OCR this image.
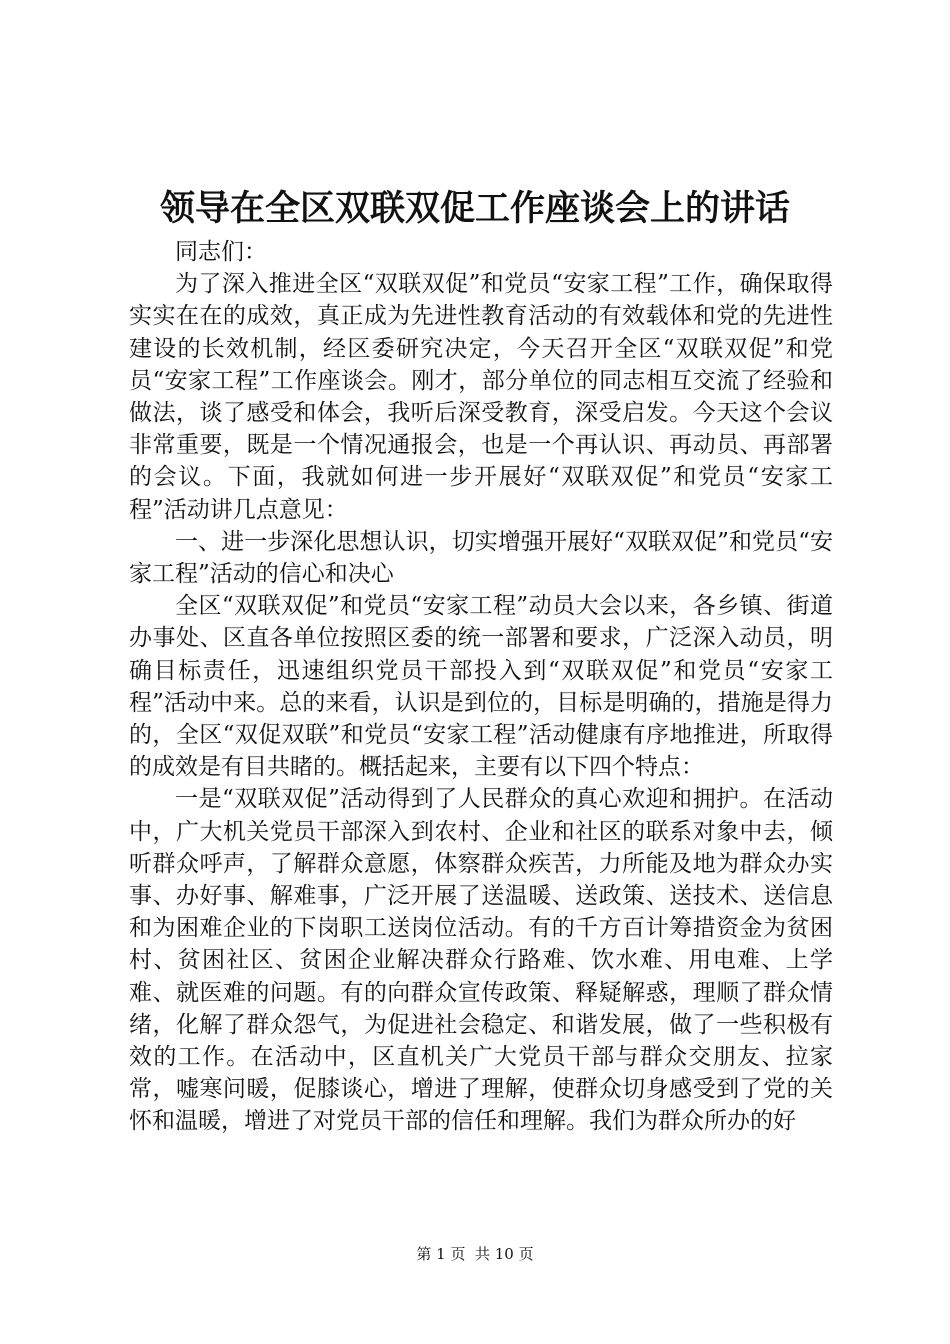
领导在全区双联双促工作座谈会上的讲话

同志们：

为了深入推进全区“双联双促”和党员“安家工程”工作，确保取得实实在在的成效，真正成为先进性教育活动的有效载体和党的先进性建设的长效机制，经区委研究决定，今天召开全区“双联双促”和党员“安家工程”工作座谈会。刚才，部分单位的同志相互交流了经验和做法，谈了感受和体会，我听后深受教育，深受启发。今天这个会议非常重要，既是一个情况通报会，也是一个再认识、再动员、再部署的会议。下面，我就如何进一步开展好“双联双促”和党员“安家工程”活动讲几点意见：

一、进一步深化思想认识，切实增强开展好“双联双促”和党员“安家工程”活动的信心和决心

全区“双联双促”和党员“安家工程”动员大会以来，各乡镇、街道办事处、区直各单位按照区委的统一部署和要求，广泛深入动员，明确目标责任，迅速组织党员干部投入到“双联双促”和党员“安家工程”活动中来。总的来看，认识是到位的，目标是明确的，措施是得力的，全区“双促双联”和党员“安家工程”活动健康有序地推进，所取得的成效是有目共睹的。概括起来，主要有以下四个特点：

一是“双联双促”活动得到了人民群众的真心欢迎和拥护。在活动中，广大机关党员干部深入到农村、企业和社区的联系对象中去，倾听群众呼声，了解群众意愿，体察群众疾苦，力所能及地为群众办实事、办好事、解难事，广泛开展了送温暖、送政策、送技术、送信息和为困难企业的下岗职工送岗位活动。有的千方百计筹措资金为贫困村、贫困社区、贫困企业解决群众行路难、饮水难、用电难、上学难、就医难的问题。有的向群众宣传政策、释疑解惑，理顺了群众情绪，化解了群众怨气，为促进社会稳定、和谐发展，做了一些积极有效的工作。在活动中，区直机关广大党员干部与群众交朋友、拉家常，嘘寒问暖，促膝谈心，增进了理解，使群众切身感受到了党的关怀和温暖，增进了对党员干部的信任和理解。我们为群众所办的好

第 1 页  共 10 页
